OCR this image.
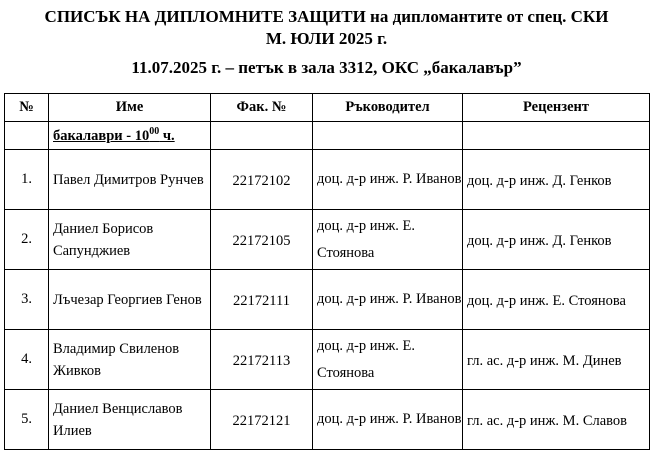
СПИСЪК НА ДИПЛОМНИТЕ ЗАЩИТИ на дипломантите от спец. СКИ
М. ЮЛИ 2025 г.
11.07.2025 г. – петък в зала 3312, ОКС „бакалавър”
№	Име	Фак. №	Ръководител	Рецензент
	бакалаври - $10^{00}$ ч.			
1.	Павел Димитров Рунчев	22172102	доц. д-р инж. Р. Иванов	доц. д-р инж. Д. Генков
2.	Даниел Борисов Сапунджиев	22172105	доц. д-р инж. Е. Стоянова	доц. д-р инж. Д. Генков
3.	Лъчезар Георгиев Генов	22172111	доц. д-р инж. Р. Иванов	доц. д-р инж. Е. Стоянова
4.	Владимир Свиленов Живков	22172113	доц. д-р инж. Е. Стоянова	гл. ас. д-р инж. М. Динев
5.	Даниел Венциславов Илиев	22172121	доц. д-р инж. Р. Иванов	гл. ас. д-р инж. М. Славов
